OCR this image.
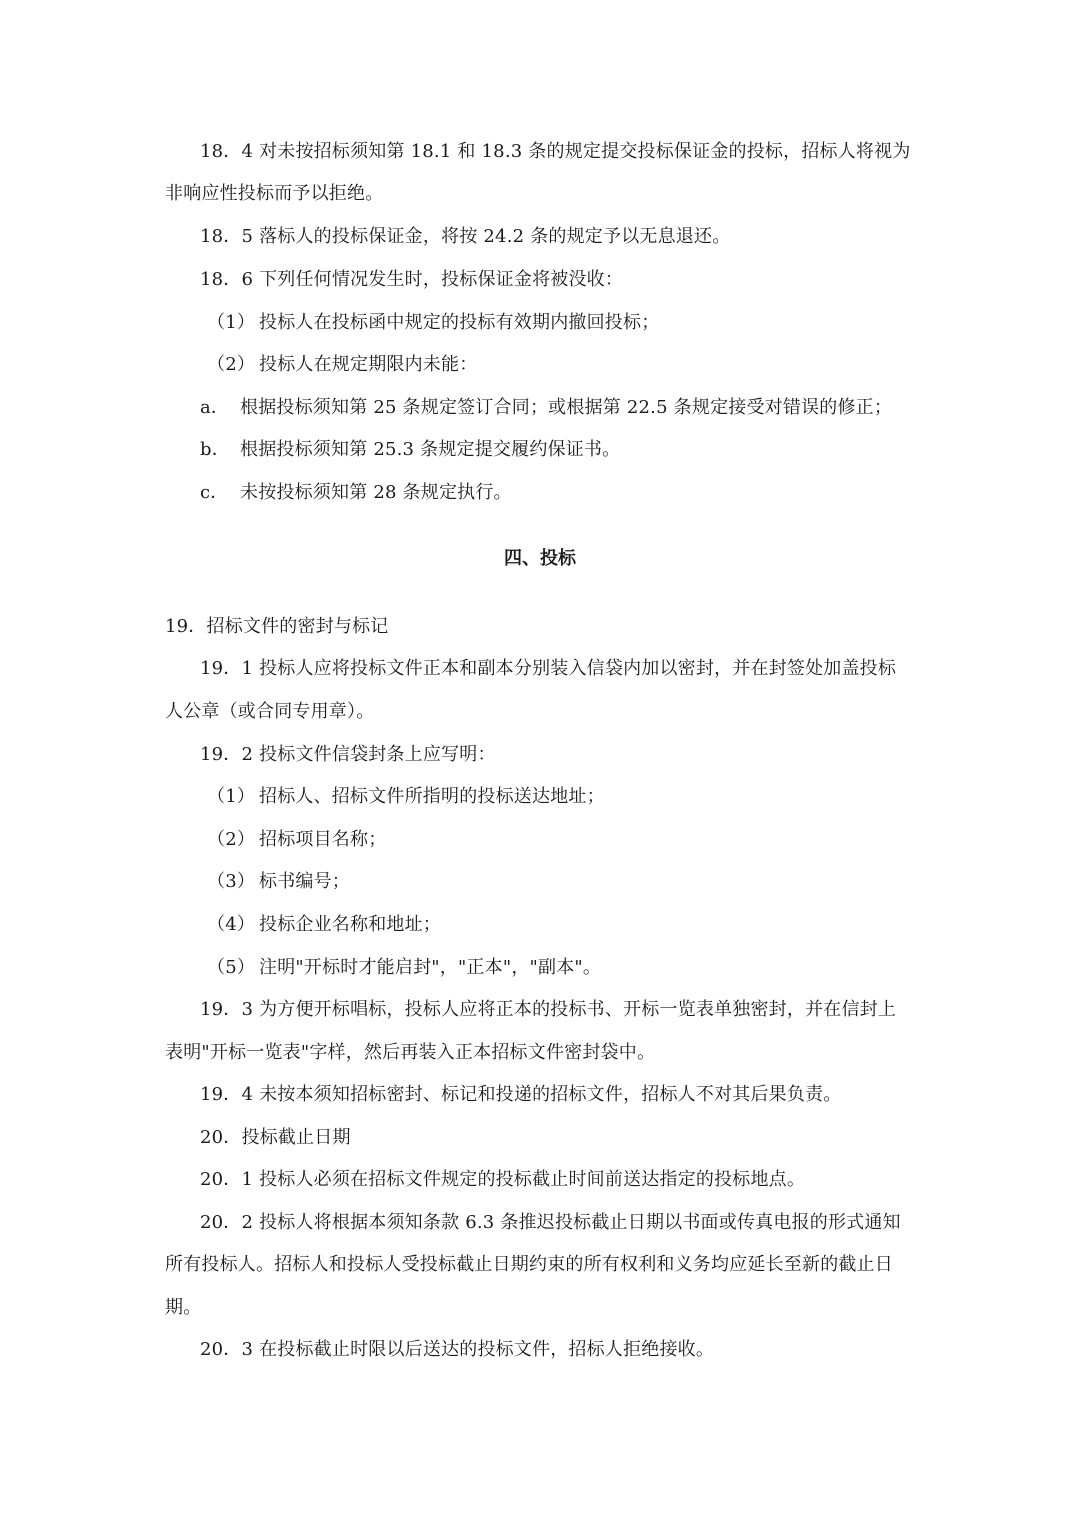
18．4 对未按招标须知第 18.1 和 18.3 条的规定提交投标保证金的投标，招标人将视为
非响应性投标而予以拒绝。
18．5 落标人的投标保证金，将按 24.2 条的规定予以无息退还。
18．6 下列任何情况发生时，投标保证金将被没收：
（1） 投标人在投标函中规定的投标有效期内撤回投标；
（2） 投标人在规定期限内未能：
a． 根据投标须知第 25 条规定签订合同；或根据第 22.5 条规定接受对错误的修正；
b． 根据投标须知第 25.3 条规定提交履约保证书。
c． 未按投标须知第 28 条规定执行。
四、投标
19．招标文件的密封与标记
19．1 投标人应将投标文件正本和副本分别装入信袋内加以密封，并在封签处加盖投标
人公章（或合同专用章）。
19．2 投标文件信袋封条上应写明：
（1） 招标人、招标文件所指明的投标送达地址；
（2） 招标项目名称；
（3） 标书编号；
（4） 投标企业名称和地址；
（5） 注明"开标时才能启封"，"正本"，"副本"。
19．3 为方便开标唱标，投标人应将正本的投标书、开标一览表单独密封，并在信封上
表明"开标一览表"字样，然后再装入正本招标文件密封袋中。
19．4 未按本须知招标密封、标记和投递的招标文件，招标人不对其后果负责。
20．投标截止日期
20．1 投标人必须在招标文件规定的投标截止时间前送达指定的投标地点。
20．2 投标人将根据本须知条款 6.3 条推迟投标截止日期以书面或传真电报的形式通知
所有投标人。招标人和投标人受投标截止日期约束的所有权利和义务均应延长至新的截止日
期。
20．3 在投标截止时限以后送达的投标文件，招标人拒绝接收。
